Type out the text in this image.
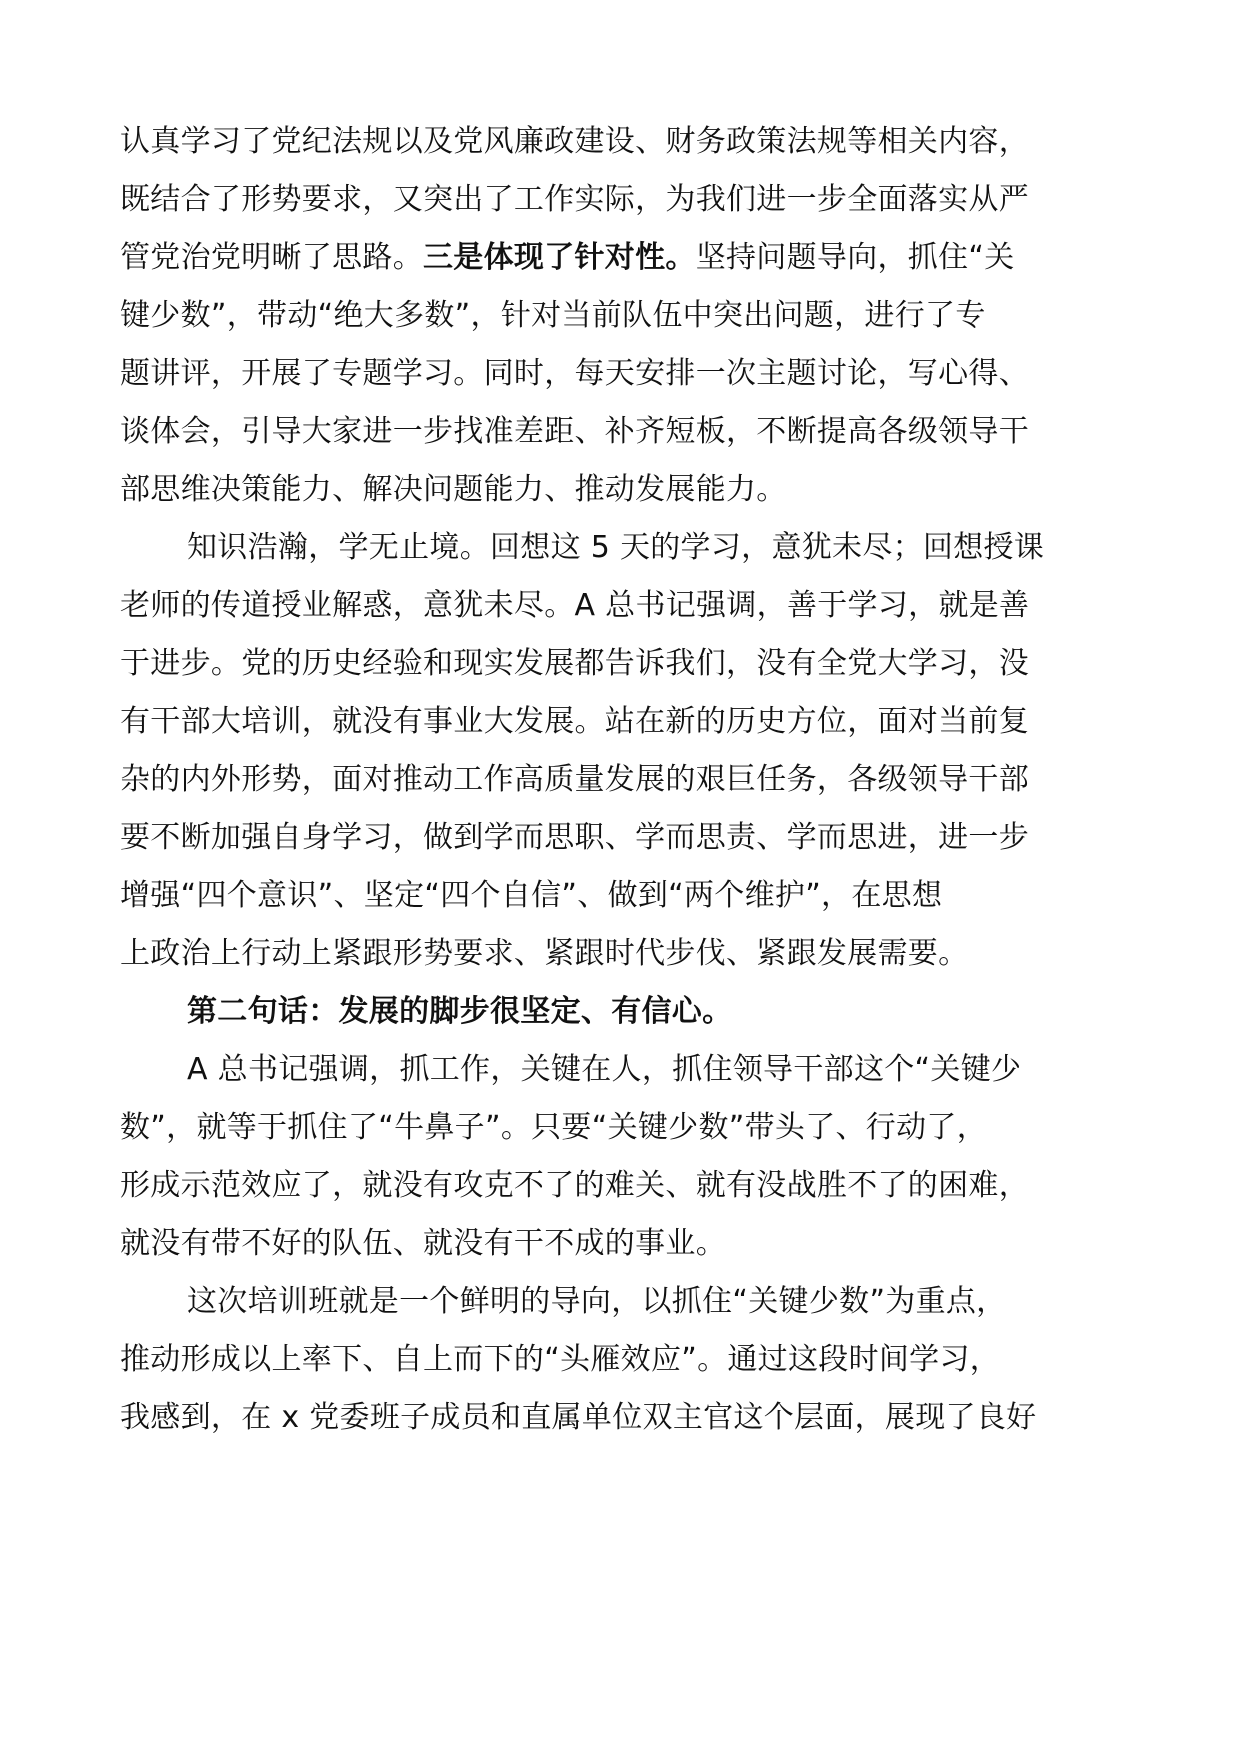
认真学习了党纪法规以及党风廉政建设、财务政策法规等相关内容，
既结合了形势要求，又突出了工作实际，为我们进一步全面落实从严
管党治党明晰了思路。三是体现了针对性。坚持问题导向，抓住“关
键少数”，带动“绝大多数”，针对当前队伍中突出问题，进行了专
题讲评，开展了专题学习。同时，每天安排一次主题讨论，写心得、
谈体会，引导大家进一步找准差距、补齐短板，不断提高各级领导干
部思维决策能力、解决问题能力、推动发展能力。
知识浩瀚，学无止境。回想这 5 天的学习，意犹未尽；回想授课
老师的传道授业解惑，意犹未尽。A 总书记强调，善于学习，就是善
于进步。党的历史经验和现实发展都告诉我们，没有全党大学习，没
有干部大培训，就没有事业大发展。站在新的历史方位，面对当前复
杂的内外形势，面对推动工作高质量发展的艰巨任务，各级领导干部
要不断加强自身学习，做到学而思职、学而思责、学而思进，进一步
增强“四个意识”、坚定“四个自信”、做到“两个维护”，在思想
上政治上行动上紧跟形势要求、紧跟时代步伐、紧跟发展需要。
第二句话：发展的脚步很坚定、有信心。
A 总书记强调，抓工作，关键在人，抓住领导干部这个“关键少
数”，就等于抓住了“牛鼻子”。只要“关键少数”带头了、行动了，
形成示范效应了，就没有攻克不了的难关、就有没战胜不了的困难，
就没有带不好的队伍、就没有干不成的事业。
这次培训班就是一个鲜明的导向，以抓住“关键少数”为重点，
推动形成以上率下、自上而下的“头雁效应”。通过这段时间学习，
我感到，在 x 党委班子成员和直属单位双主官这个层面，展现了良好
